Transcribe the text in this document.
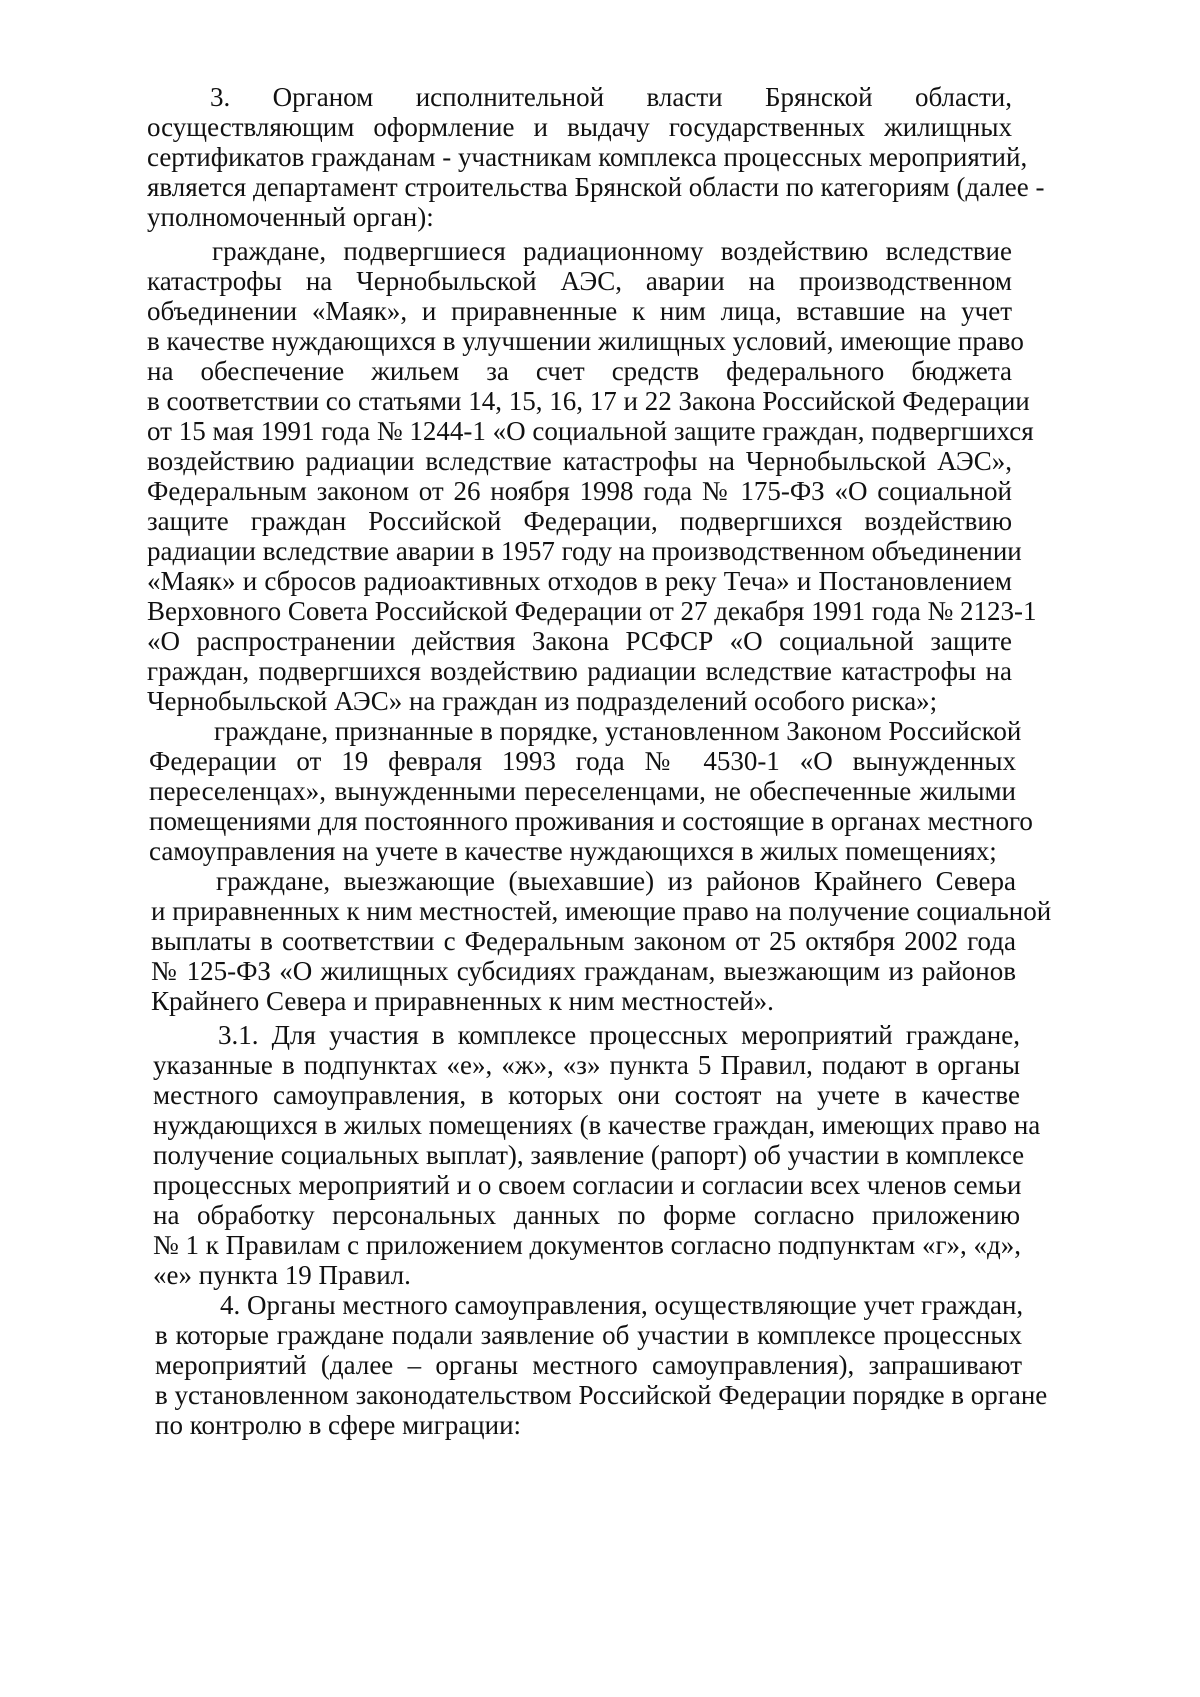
3. Органом исполнительной власти Брянской области,
осуществляющим оформление и выдачу государственных жилищных
сертификатов гражданам - участникам комплекса процессных мероприятий,
является департамент строительства Брянской области по категориям (далее -
уполномоченный орган):
граждане, подвергшиеся радиационному воздействию вследствие
катастрофы на Чернобыльской АЭС, аварии на производственном
объединении «Маяк», и приравненные к ним лица, вставшие на учет
в качестве нуждающихся в улучшении жилищных условий, имеющие право
на обеспечение жильем за счет средств федерального бюджета
в соответствии со статьями 14, 15, 16, 17 и 22 Закона Российской Федерации
от 15 мая 1991 года № 1244-1 «О социальной защите граждан, подвергшихся
воздействию радиации вследствие катастрофы на Чернобыльской АЭС»,
Федеральным законом от 26 ноября 1998 года № 175-ФЗ «О социальной
защите граждан Российской Федерации, подвергшихся воздействию
радиации вследствие аварии в 1957 году на производственном объединении
«Маяк» и сбросов радиоактивных отходов в реку Теча» и Постановлением
Верховного Совета Российской Федерации от 27 декабря 1991 года № 2123-1
«О распространении действия Закона РСФСР «О социальной защите
граждан, подвергшихся воздействию радиации вследствие катастрофы на
Чернобыльской АЭС» на граждан из подразделений особого риска»;
граждане, признанные в порядке, установленном Законом Российской
Федерации от 19 февраля 1993 года № 4530-1 «О вынужденных
переселенцах», вынужденными переселенцами, не обеспеченные жилыми
помещениями для постоянного проживания и состоящие в органах местного
самоуправления на учете в качестве нуждающихся в жилых помещениях;
граждане, выезжающие (выехавшие) из районов Крайнего Севера
и приравненных к ним местностей, имеющие право на получение социальной
выплаты в соответствии с Федеральным законом от 25 октября 2002 года
№ 125-ФЗ «О жилищных субсидиях гражданам, выезжающим из районов
Крайнего Севера и приравненных к ним местностей».
3.1. Для участия в комплексе процессных мероприятий граждане,
указанные в подпунктах «е», «ж», «з» пункта 5 Правил, подают в органы
местного самоуправления, в которых они состоят на учете в качестве
нуждающихся в жилых помещениях (в качестве граждан, имеющих право на
получение социальных выплат), заявление (рапорт) об участии в комплексе
процессных мероприятий и о своем согласии и согласии всех членов семьи
на обработку персональных данных по форме согласно приложению
№ 1 к Правилам с приложением документов согласно подпунктам «г», «д»,
«е» пункта 19 Правил.
4. Органы местного самоуправления, осуществляющие учет граждан,
в которые граждане подали заявление об участии в комплексе процессных
мероприятий (далее – органы местного самоуправления), запрашивают
в установленном законодательством Российской Федерации порядке в органе
по контролю в сфере миграции:
